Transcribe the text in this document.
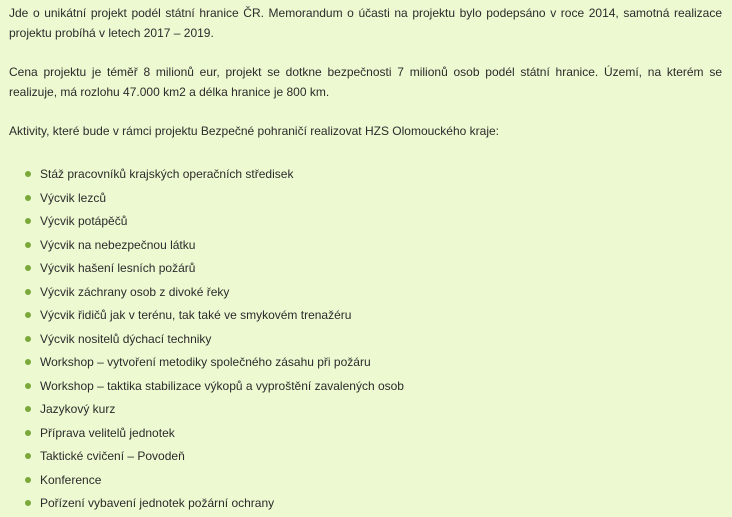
Jde o unikátní projekt podél státní hranice ČR. Memorandum o účasti na projektu bylo podepsáno v roce 2014, samotná realizace projektu probíhá v letech 2017 – 2019.

Cena projektu je téměř 8 milionů eur, projekt se dotkne bezpečnosti 7 milionů osob podél státní hranice. Území, na kterém se realizuje, má rozlohu 47.000 km2 a délka hranice je 800 km.

Aktivity, které bude v rámci projektu Bezpečné pohraničí realizovat HZS Olomouckého kraje:

Stáž pracovníků krajských operačních středisek
Výcvik lezců
Výcvik potápěčů
Výcvik na nebezpečnou látku
Výcvik hašení lesních požárů
Výcvik záchrany osob z divoké řeky
Výcvik řidičů jak v terénu, tak také ve smykovém trenažéru
Výcvik nositelů dýchací techniky
Workshop – vytvoření metodiky společného zásahu při požáru
Workshop – taktika stabilizace výkopů a vyproštění zavalených osob
Jazykový kurz
Příprava velitelů jednotek
Taktické cvičení – Povodeň
Konference
Pořízení vybavení jednotek požární ochrany
